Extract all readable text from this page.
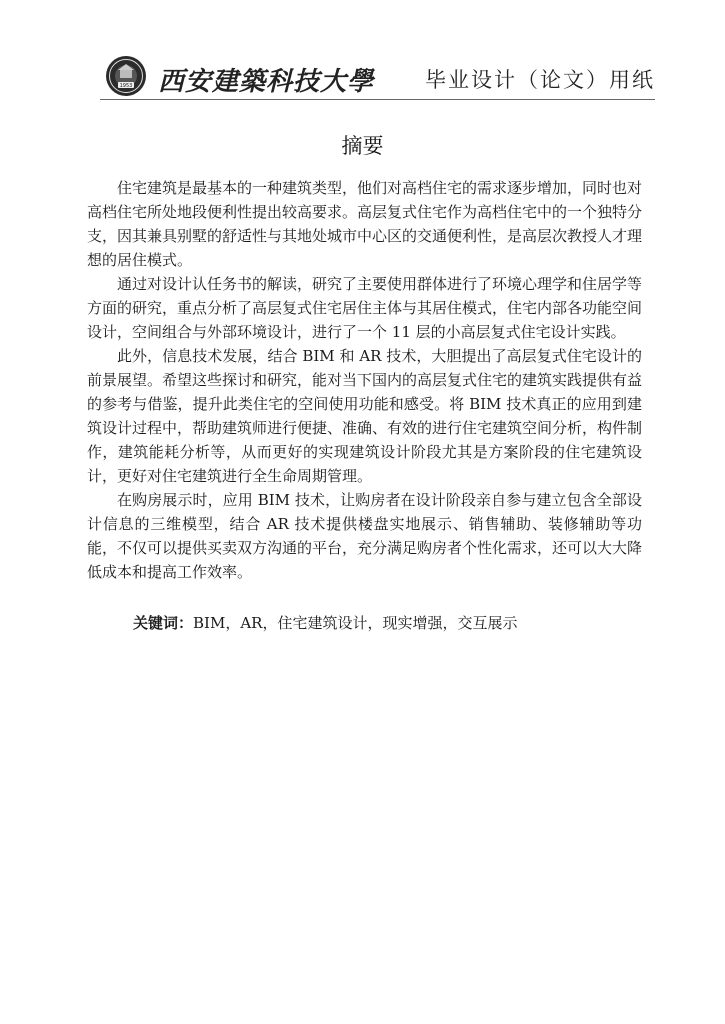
1953 西安建築科技大學 毕业设计（论文）用纸
摘要

住宅建筑是最基本的一种建筑类型，他们对高档住宅的需求逐步增加，同时也对高档住宅所处地段便利性提出较高要求。高层复式住宅作为高档住宅中的一个独特分支，因其兼具别墅的舒适性与其地处城市中心区的交通便利性，是高层次教授人才理想的居住模式。

通过对设计认任务书的解读，研究了主要使用群体进行了环境心理学和住居学等方面的研究，重点分析了高层复式住宅居住主体与其居住模式，住宅内部各功能空间设计，空间组合与外部环境设计，进行了一个 11 层的小高层复式住宅设计实践。

此外，信息技术发展，结合 BIM 和 AR 技术，大胆提出了高层复式住宅设计的前景展望。希望这些探讨和研究，能对当下国内的高层复式住宅的建筑实践提供有益的参考与借鉴，提升此类住宅的空间使用功能和感受。将 BIM 技术真正的应用到建筑设计过程中，帮助建筑师进行便捷、准确、有效的进行住宅建筑空间分析，构件制作，建筑能耗分析等，从而更好的实现建筑设计阶段尤其是方案阶段的住宅建筑设计，更好对住宅建筑进行全生命周期管理。

在购房展示时，应用 BIM 技术，让购房者在设计阶段亲自参与建立包含全部设计信息的三维模型，结合 AR 技术提供楼盘实地展示、销售辅助、装修辅助等功能，不仅可以提供买卖双方沟通的平台，充分满足购房者个性化需求，还可以大大降低成本和提高工作效率。

关键词：BIM，AR，住宅建筑设计，现实增强，交互展示
